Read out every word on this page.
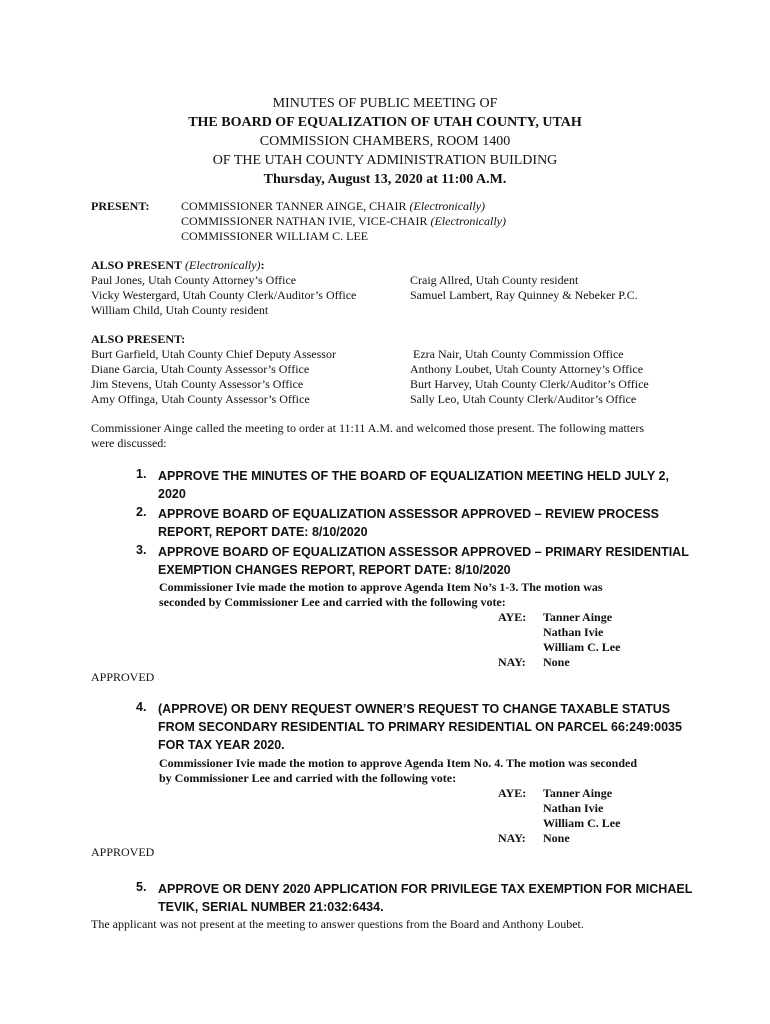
MINUTES OF PUBLIC MEETING OF
THE BOARD OF EQUALIZATION OF UTAH COUNTY, UTAH
COMMISSION CHAMBERS, ROOM 1400
OF THE UTAH COUNTY ADMINISTRATION BUILDING
Thursday, August 13, 2020 at 11:00 A.M.
PRESENT:	COMMISSIONER TANNER AINGE, CHAIR (Electronically)
COMMISSIONER NATHAN IVIE, VICE-CHAIR (Electronically)
COMMISSIONER WILLIAM C. LEE
ALSO PRESENT (Electronically):
Paul Jones, Utah County Attorney’s Office
Vicky Westergard, Utah County Clerk/Auditor’s Office
William Child, Utah County resident
Craig Allred, Utah County resident
Samuel Lambert, Ray Quinney & Nebeker P.C.
ALSO PRESENT:
Burt Garfield, Utah County Chief Deputy Assessor
Diane Garcia, Utah County Assessor’s Office
Jim Stevens, Utah County Assessor’s Office
Amy Offinga, Utah County Assessor’s Office
Ezra Nair, Utah County Commission Office
Anthony Loubet, Utah County Attorney’s Office
Burt Harvey, Utah County Clerk/Auditor’s Office
Sally Leo, Utah County Clerk/Auditor’s Office
Commissioner Ainge called the meeting to order at 11:11 A.M. and welcomed those present. The following matters
were discussed:
1. APPROVE THE MINUTES OF THE BOARD OF EQUALIZATION MEETING HELD JULY 2, 2020
2. APPROVE BOARD OF EQUALIZATION ASSESSOR APPROVED – REVIEW PROCESS REPORT, REPORT DATE: 8/10/2020
3. APPROVE BOARD OF EQUALIZATION ASSESSOR APPROVED – PRIMARY RESIDENTIAL EXEMPTION CHANGES REPORT, REPORT DATE: 8/10/2020
Commissioner Ivie made the motion to approve Agenda Item No’s 1-3. The motion was
seconded by Commissioner Lee and carried with the following vote:
AYE: Tanner Ainge
Nathan Ivie
William C. Lee
NAY: None
APPROVED
4. (APPROVE) OR DENY REQUEST OWNER’S REQUEST TO CHANGE TAXABLE STATUS FROM SECONDARY RESIDENTIAL TO PRIMARY RESIDENTIAL ON PARCEL 66:249:0035 FOR TAX YEAR 2020.
Commissioner Ivie made the motion to approve Agenda Item No. 4. The motion was seconded
by Commissioner Lee and carried with the following vote:
AYE: Tanner Ainge
Nathan Ivie
William C. Lee
NAY: None
APPROVED
5. APPROVE OR DENY 2020 APPLICATION FOR PRIVILEGE TAX EXEMPTION FOR MICHAEL TEVIK, SERIAL NUMBER 21:032:6434.
The applicant was not present at the meeting to answer questions from the Board and Anthony Loubet.
